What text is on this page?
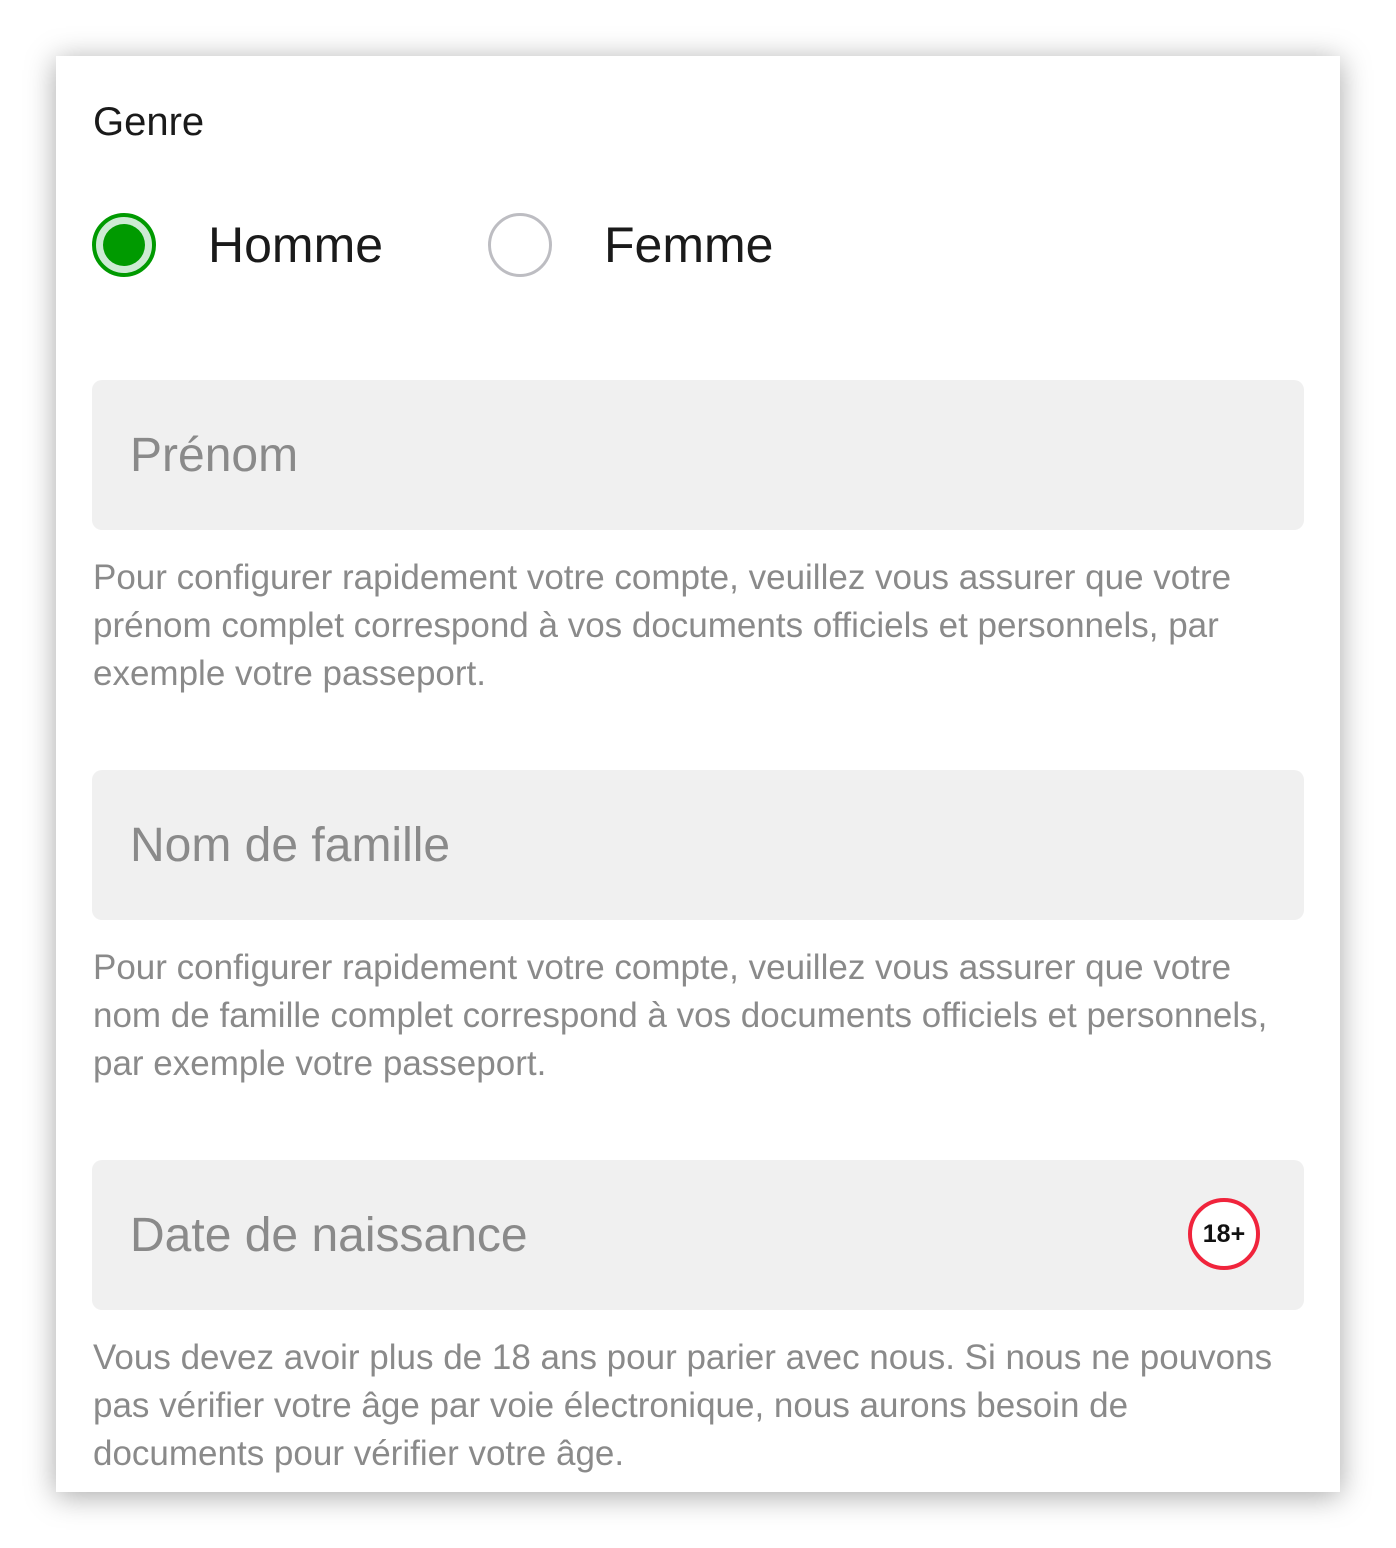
Genre
Homme	Femme
Prénom
Pour configurer rapidement votre compte, veuillez vous assurer que votre prénom complet correspond à vos documents officiels et personnels, par exemple votre passeport.
Nom de famille
Pour configurer rapidement votre compte, veuillez vous assurer que votre nom de famille complet correspond à vos documents officiels et personnels, par exemple votre passeport.
Date de naissance	18+
Vous devez avoir plus de 18 ans pour parier avec nous. Si nous ne pouvons pas vérifier votre âge par voie électronique, nous aurons besoin de documents pour vérifier votre âge.
